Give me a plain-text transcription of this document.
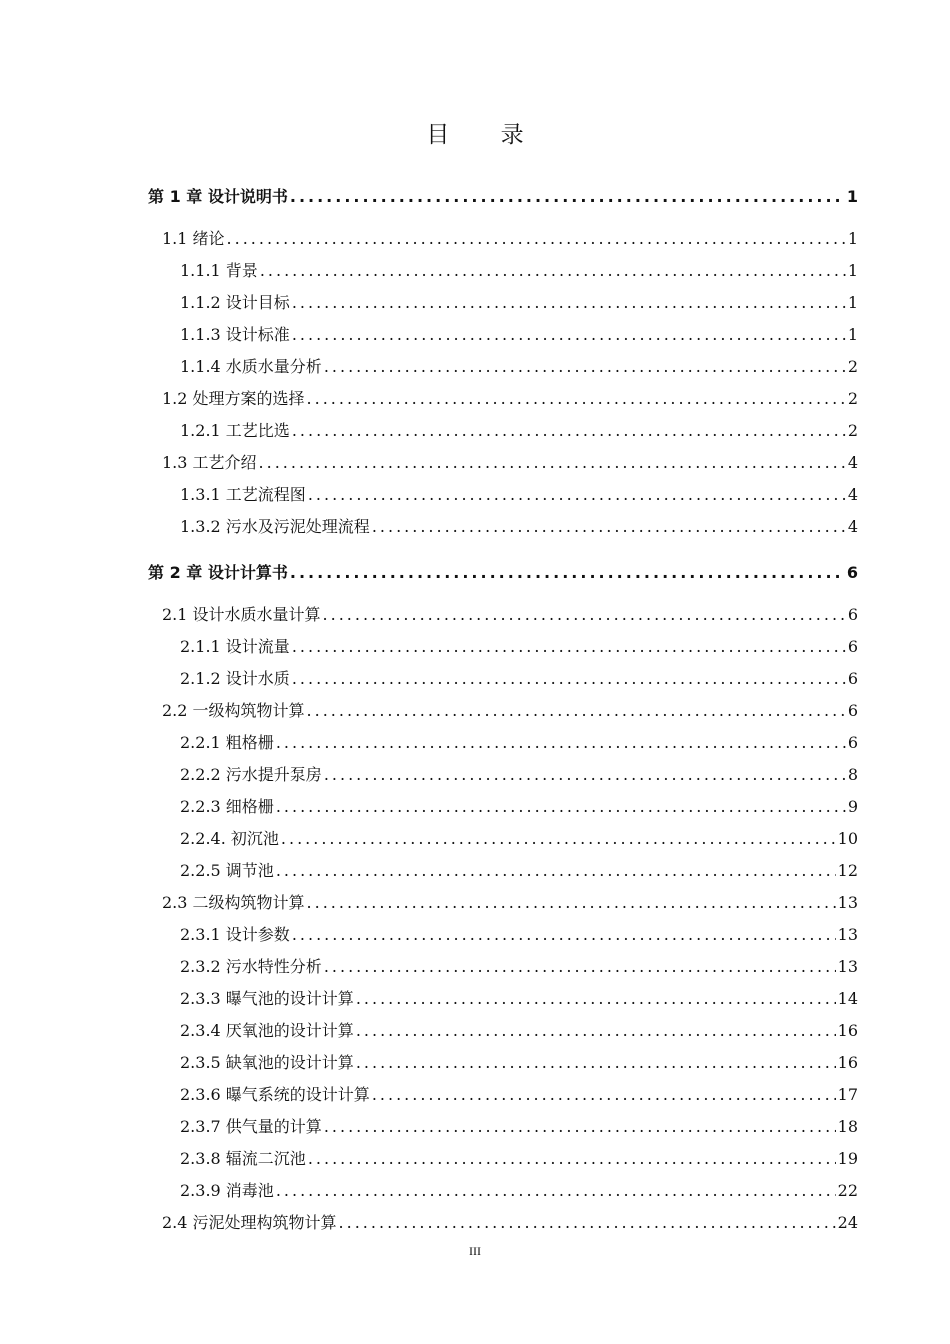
目 录
第 1 章 设计说明书 .....	1
1.1 绪论 .....	1
1.1.1 背景 .....	1
1.1.2 设计目标 .....	1
1.1.3 设计标准 .....	1
1.1.4 水质水量分析 .....	2
1.2 处理方案的选择 .....	2
1.2.1 工艺比选 .....	2
1.3 工艺介绍 .....	4
1.3.1 工艺流程图 .....	4
1.3.2 污水及污泥处理流程 .....	4
第 2 章 设计计算书 .....	6
2.1 设计水质水量计算 .....	6
2.1.1 设计流量 .....	6
2.1.2 设计水质 .....	6
2.2 一级构筑物计算 .....	6
2.2.1 粗格栅 .....	6
2.2.2 污水提升泵房 .....	8
2.2.3 细格栅 .....	9
2.2.4. 初沉池 .....	10
2.2.5 调节池 .....	12
2.3 二级构筑物计算 .....	13
2.3.1 设计参数 .....	13
2.3.2 污水特性分析 .....	13
2.3.3 曝气池的设计计算 .....	14
2.3.4 厌氧池的设计计算 .....	16
2.3.5 缺氧池的设计计算 .....	16
2.3.6 曝气系统的设计计算 .....	17
2.3.7 供气量的计算 .....	18
2.3.8 辐流二沉池 .....	19
2.3.9 消毒池 .....	22
2.4 污泥处理构筑物计算 .....	24
III
